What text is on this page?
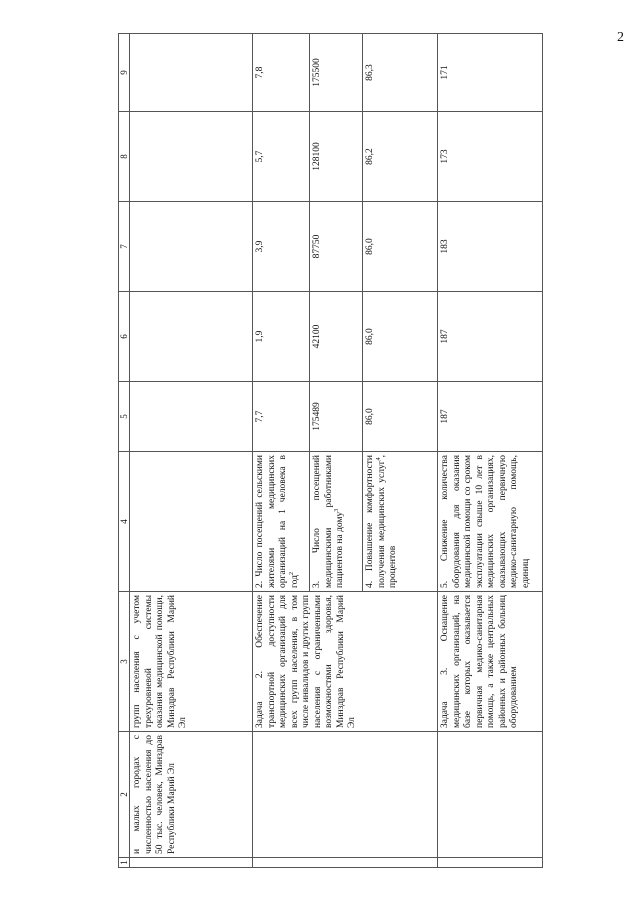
2
1	2	3	4	5	6	7	8	9
	и малых городах с численностью населения до 50 тыс. человек, Минздрав Республики Марий Эл	групп населения с учетом трехуровневой системы оказания медицинской помощи, Минздрав Республики Марий Эл						
		Задача 2. Обеспечение транспортной доступности медицинских организаций для всех групп населения, в том числе инвалидов и других групп населения с ограниченными возможностями здоровья, Минздрав Республики Марий Эл	2. Число посещений сельскими жителями медицинских организаций на 1 человека в год$^2$	7,7	1,9	3,9	5,7	7,8
			3. Число посещений медицинскими работниками пациентов на дому$^3$	175489	42100	87750	128100	175500
			4. Повышение комфортности получения медицинских услуг$^4$, процентов	86,0	86,0	86,0	86,2	86,3
		Задача 3. Оснащение медицинских организаций, на базе которых оказывается первичная медико-санитарная помощь, а также центральных районных и районных больниц оборудованием	5. Снижение количества оборудования для оказания медицинской помощи со сроком эксплуатации свыше 10 лет в медицинских организациях, оказывающих первичную медико-санитарную помощь, единиц	187	187	183	173	171
